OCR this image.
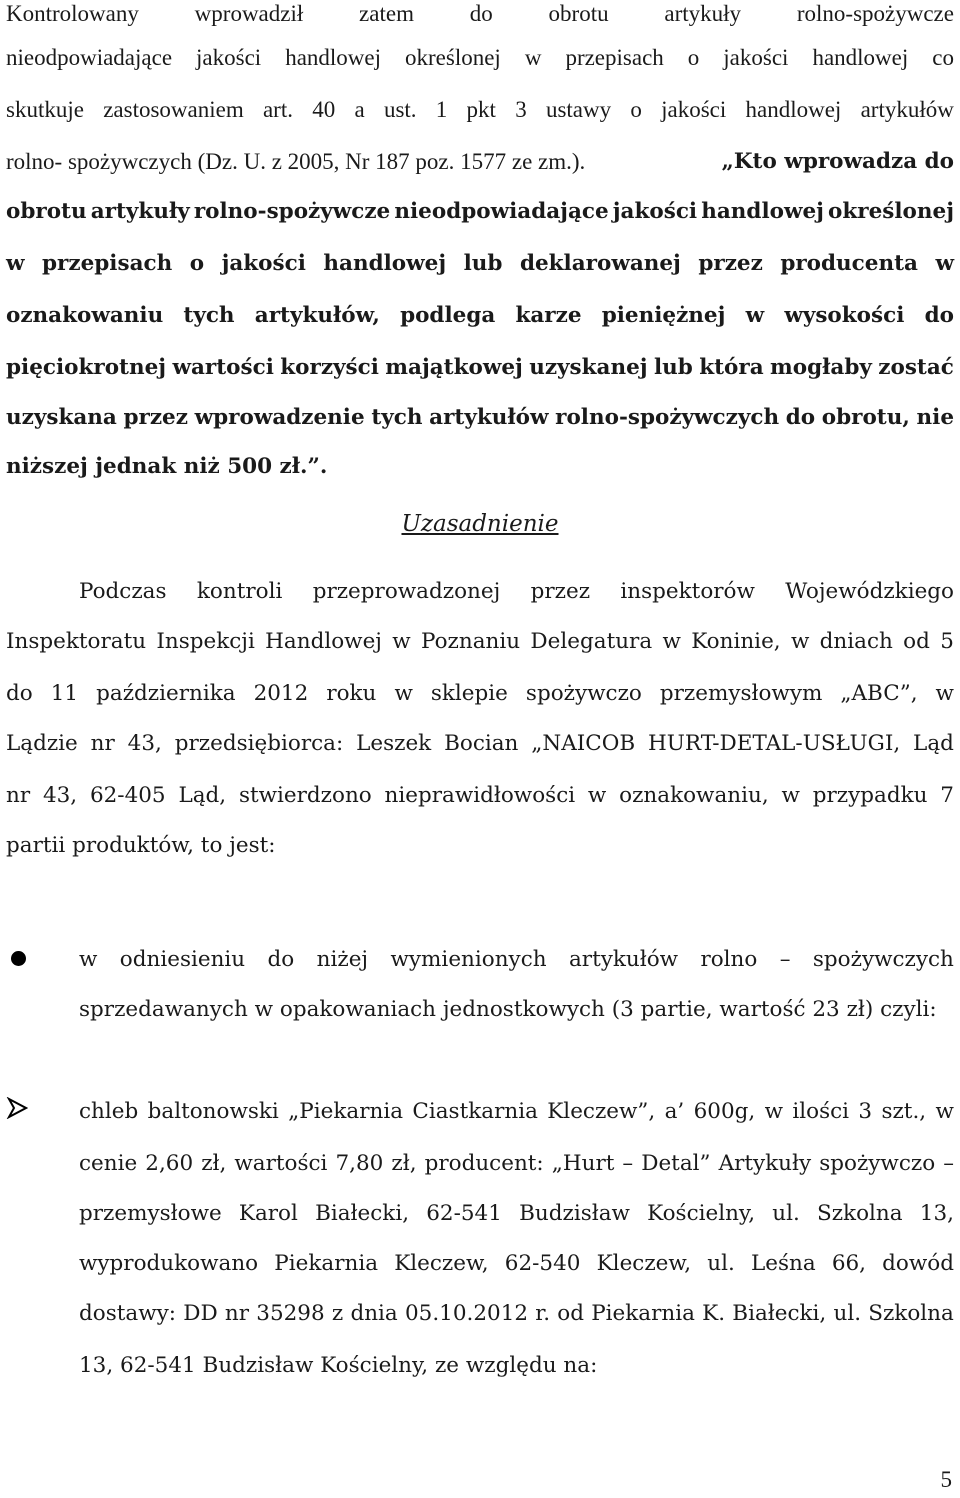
Kontrolowany wprowadził zatem do obrotu artykuły rolno-spożywcze
nieodpowiadające jakości handlowej określonej w przepisach o jakości handlowej co
skutkuje zastosowaniem art. 40 a ust. 1 pkt 3 ustawy o jakości handlowej artykułów
rolno- spożywczych (Dz. U. z 2005, Nr 187 poz. 1577 ze zm.).	„Kto wprowadza do
obrotu artykuły rolno-spożywcze nieodpowiadające jakości handlowej określonej
w przepisach o jakości handlowej lub deklarowanej przez producenta w
oznakowaniu tych artykułów, podlega karze pieniężnej w wysokości do
pięciokrotnej wartości korzyści majątkowej uzyskanej lub która mogłaby zostać
uzyskana przez wprowadzenie tych artykułów rolno-spożywczych do obrotu, nie
niższej jednak niż 500 zł.”.
Uzasadnienie
Podczas kontroli przeprowadzonej przez inspektorów Wojewódzkiego
Inspektoratu Inspekcji Handlowej w Poznaniu Delegatura w Koninie, w dniach od 5
do 11 października 2012 roku w sklepie spożywczo przemysłowym „ABC”, w
Lądzie nr 43, przedsiębiorca: Leszek Bocian „NAICOB HURT-DETAL-USŁUGI, Ląd
nr 43, 62-405 Ląd, stwierdzono nieprawidłowości w oznakowaniu, w przypadku 7
partii produktów, to jest:
w odniesieniu do niżej wymienionych artykułów rolno – spożywczych
sprzedawanych w opakowaniach jednostkowych (3 partie, wartość 23 zł) czyli:
chleb baltonowski „Piekarnia Ciastkarnia Kleczew”, a’ 600g, w ilości 3 szt., w
cenie 2,60 zł, wartości 7,80 zł, producent: „Hurt – Detal” Artykuły spożywczo –
przemysłowe Karol Białecki, 62-541 Budzisław Kościelny, ul. Szkolna 13,
wyprodukowano Piekarnia Kleczew, 62-540 Kleczew, ul. Leśna 66, dowód
dostawy: DD nr 35298 z dnia 05.10.2012 r. od Piekarnia K. Białecki, ul. Szkolna
13, 62-541 Budzisław Kościelny, ze względu na:
5
